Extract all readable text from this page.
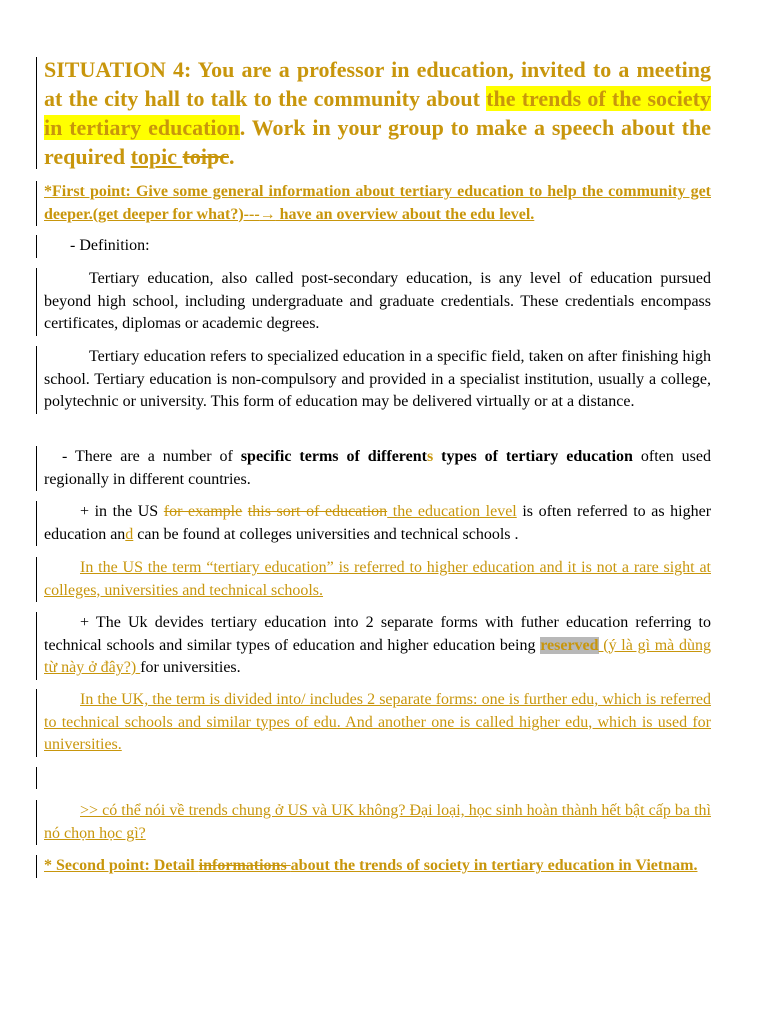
SITUATION 4: You are a professor in education, invited to a meeting at the city hall to talk to the community about the trends of the society in tertiary education. Work in your group to make a speech about the required topic toipc.
*First point: Give some general information about tertiary education to help the community get deeper.(get deeper for what?)---→ have an overview about the edu level.
- Definition:
Tertiary education, also called post-secondary education, is any level of education pursued beyond high school, including undergraduate and graduate credentials. These credentials encompass certificates, diplomas or academic degrees.
Tertiary education refers to specialized education in a specific field, taken on after finishing high school. Tertiary education is non-compulsory and provided in a specialist institution, usually a college, polytechnic or university. This form of education may be delivered virtually or at a distance.
- There are a number of specific terms of differents types of tertiary education often used regionally in different countries.
+ in the US for example this sort of education the education level is often referred to as higher education and can be found at colleges universities and technical schools .
In the US the term “tertiary education” is referred to higher education and it is not a rare sight at colleges, universities and technical schools.
+ The Uk devides tertiary education into 2 separate forms with futher education referring to technical schools and similar types of education and higher education being reserved (ý là gì mà dùng từ này ở đây?) for universities.
In the UK, the term is divided into/ includes 2 separate forms: one is further edu, which is referred to technical schools and similar types of edu. And another one is called higher edu, which is used for universities.
>> có thể nói về trends chung ở US và UK không? Đại loại, học sinh hoàn thành hết bật cấp ba thì nó chọn học gì?
* Second point: Detail informations about the trends of society in tertiary education in Vietnam.
